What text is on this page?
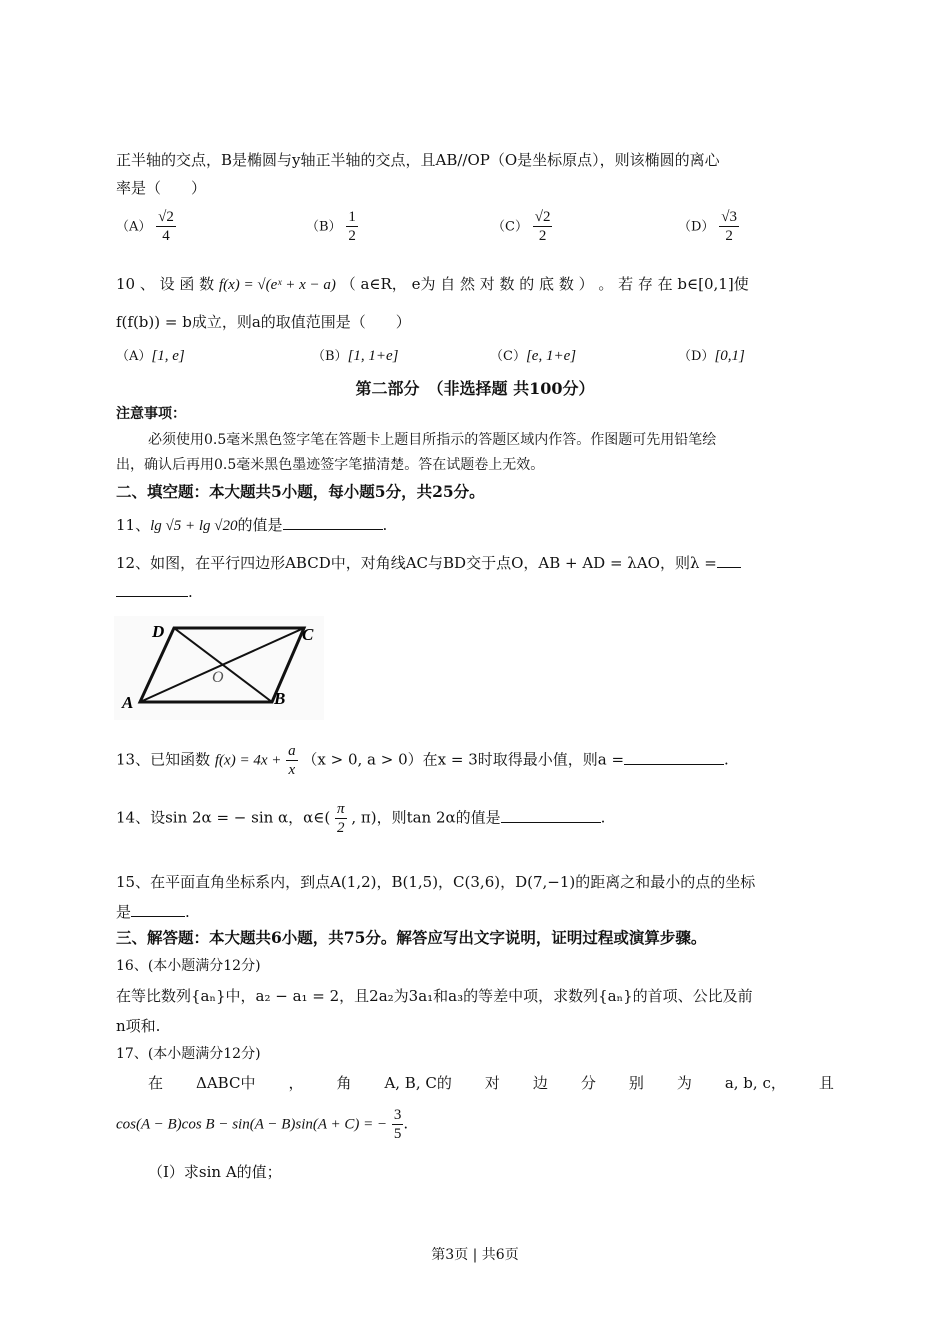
正半轴的交点，B是椭圆与y轴正半轴的交点，且AB//OP（O是坐标原点），则该椭圆的离心
率是（　　）
$(A) \frac{√2}{4}$	$(B) \frac{1}{2}$	$(C) \frac{√2}{2}$	$(D) \frac{√3}{2}$
10 、 设 函 数 f(x) = √(eˣ + x − a) （ a∈R， e为 自 然 对 数 的 底 数 ） 。 若 存 在 b∈[0,1]使
f(f(b)) = b成立，则a的取值范围是（　　）
（A）[1, e]	（B）[1, 1+e]	（C）[e, 1+e]	（D）[0,1]
第二部分　（非选择题 共100分）
注意事项：
必须使用0.5毫米黑色签字笔在答题卡上题目所指示的答题区域内作答。作图题可先用铅笔绘
出，确认后再用0.5毫米黑色墨迹签字笔描清楚。答在试题卷上无效。
二、填空题：本大题共5小题，每小题5分，共25分。
11、lg √5 + lg √20的值是	.
12、如图，在平行四边形ABCD中，对角线AC与BD交于点O，AB + AD = λAO，则λ =
.
D	C
A	B
O
13、已知函数 $f(x) = 4x + \frac{a}{x} (x > 0$, a > 0）在x = 3时取得最小值，则a =	.
14、设sin 2α = − sin α，α∈( $\frac{\pi}{2}$ , π)，则tan 2α的值是	.
15、在平面直角坐标系内，到点A(1,2)，B(1,5)，C(3,6)，D(7,−1)的距离之和最小的点的坐标
是	.
三、解答题：本大题共6小题，共75分。解答应写出文字说明，证明过程或演算步骤。
16、(本小题满分12分)
在等比数列{aₙ}中，a₂ − a₁ = 2，且2a₂为3a₁和a₃的等差中项，求数列{aₙ}的首项、公比及前
n项和.
17、(本小题满分12分)
在 ΔABC中 ， 角 A, B, C的 对 边 分 别 为 a, b, c， 且
cos(A − B)cos B − sin(A − B)sin(A + C) = − $\frac{3}{5}$ .
（Ⅰ）求sin A的值；
第3页 | 共6页
